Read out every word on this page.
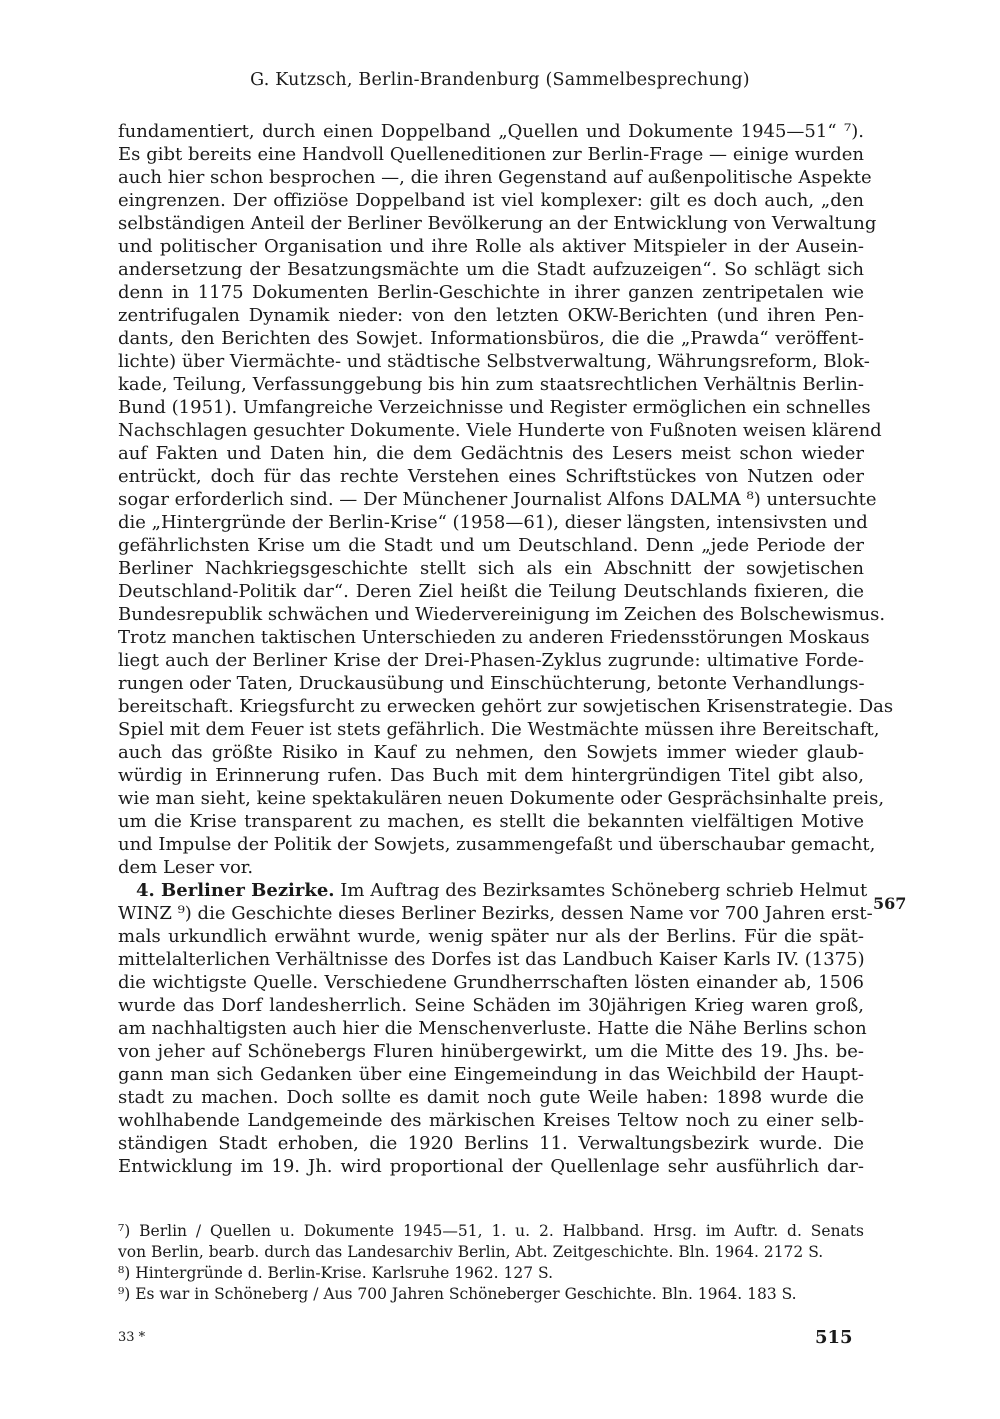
G. Kutzsch, Berlin-Brandenburg (Sammelbesprechung)
fundamentiert, durch einen Doppelband „Quellen und Dokumente 1945—51“ ⁷).
Es gibt bereits eine Handvoll Quelleneditionen zur Berlin-Frage — einige wurden
auch hier schon besprochen —, die ihren Gegenstand auf außenpolitische Aspekte
eingrenzen. Der offiziöse Doppelband ist viel komplexer: gilt es doch auch, „den
selbständigen Anteil der Berliner Bevölkerung an der Entwicklung von Verwaltung
und politischer Organisation und ihre Rolle als aktiver Mitspieler in der Ausein-
andersetzung der Besatzungsmächte um die Stadt aufzuzeigen“. So schlägt sich
denn in 1175 Dokumenten Berlin-Geschichte in ihrer ganzen zentripetalen wie
zentrifugalen Dynamik nieder: von den letzten OKW-Berichten (und ihren Pen-
dants, den Berichten des Sowjet. Informationsbüros, die die „Prawda“ veröffent-
lichte) über Viermächte- und städtische Selbstverwaltung, Währungsreform, Blok-
kade, Teilung, Verfassunggebung bis hin zum staatsrechtlichen Verhältnis Berlin-
Bund (1951). Umfangreiche Verzeichnisse und Register ermöglichen ein schnelles
Nachschlagen gesuchter Dokumente. Viele Hunderte von Fußnoten weisen klärend
auf Fakten und Daten hin, die dem Gedächtnis des Lesers meist schon wieder
entrückt, doch für das rechte Verstehen eines Schriftstückes von Nutzen oder
sogar erforderlich sind. — Der Münchener Journalist Alfons DALMA ⁸) untersuchte
die „Hintergründe der Berlin-Krise“ (1958—61), dieser längsten, intensivsten und
gefährlichsten Krise um die Stadt und um Deutschland. Denn „jede Periode der
Berliner Nachkriegsgeschichte stellt sich als ein Abschnitt der sowjetischen
Deutschland-Politik dar“. Deren Ziel heißt die Teilung Deutschlands fixieren, die
Bundesrepublik schwächen und Wiedervereinigung im Zeichen des Bolschewismus.
Trotz manchen taktischen Unterschieden zu anderen Friedensstörungen Moskaus
liegt auch der Berliner Krise der Drei-Phasen-Zyklus zugrunde: ultimative Forde-
rungen oder Taten, Druckausübung und Einschüchterung, betonte Verhandlungs-
bereitschaft. Kriegsfurcht zu erwecken gehört zur sowjetischen Krisenstrategie. Das
Spiel mit dem Feuer ist stets gefährlich. Die Westmächte müssen ihre Bereitschaft,
auch das größte Risiko in Kauf zu nehmen, den Sowjets immer wieder glaub-
würdig in Erinnerung rufen. Das Buch mit dem hintergründigen Titel gibt also,
wie man sieht, keine spektakulären neuen Dokumente oder Gesprächsinhalte preis,
um die Krise transparent zu machen, es stellt die bekannten vielfältigen Motive
und Impulse der Politik der Sowjets, zusammengefaßt und überschaubar gemacht,
dem Leser vor.
4. Berliner Bezirke. Im Auftrag des Bezirksamtes Schöneberg schrieb Helmut
WINZ ⁹) die Geschichte dieses Berliner Bezirks, dessen Name vor 700 Jahren erst-
mals urkundlich erwähnt wurde, wenig später nur als der Berlins. Für die spät-
mittelalterlichen Verhältnisse des Dorfes ist das Landbuch Kaiser Karls IV. (1375)
die wichtigste Quelle. Verschiedene Grundherrschaften lösten einander ab, 1506
wurde das Dorf landesherrlich. Seine Schäden im 30jährigen Krieg waren groß,
am nachhaltigsten auch hier die Menschenverluste. Hatte die Nähe Berlins schon
von jeher auf Schönebergs Fluren hinübergewirkt, um die Mitte des 19. Jhs. be-
gann man sich Gedanken über eine Eingemeindung in das Weichbild der Haupt-
stadt zu machen. Doch sollte es damit noch gute Weile haben: 1898 wurde die
wohlhabende Landgemeinde des märkischen Kreises Teltow noch zu einer selb-
ständigen Stadt erhoben, die 1920 Berlins 11. Verwaltungsbezirk wurde. Die
Entwicklung im 19. Jh. wird proportional der Quellenlage sehr ausführlich dar-
567
⁷) Berlin / Quellen u. Dokumente 1945—51, 1. u. 2. Halbband. Hrsg. im Auftr. d. Senats
von Berlin, bearb. durch das Landesarchiv Berlin, Abt. Zeitgeschichte. Bln. 1964. 2172 S.
⁸) Hintergründe d. Berlin-Krise. Karlsruhe 1962. 127 S.
⁹) Es war in Schöneberg / Aus 700 Jahren Schöneberger Geschichte. Bln. 1964. 183 S.
33 *	515
